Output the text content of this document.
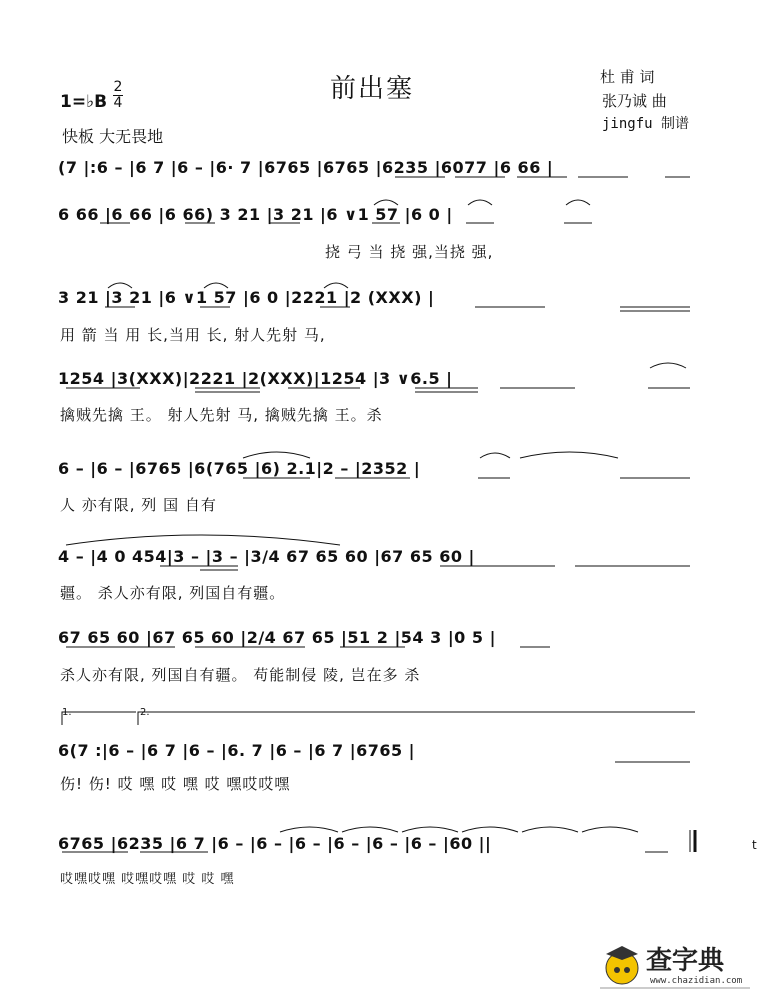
前出塞
1=♭B
2
4
快板 大无畏地
杜 甫 词
张乃诚 曲
jingfu 制谱
1.	2.
(7 |:6 – |6 7 |6 – |6· 7 |6765 |6765 |6235 |6077 |6 66 |
6 66 |6 66 |6 66) 3 21 |3 21 |6 ∨1 57 |6 0 |
挠 弓 当 挠 强,当挠 强,
3 21 |3 21 |6 ∨1 57 |6 0 |2221 |2 (XXX) |
用 箭 当 用 长,当用 长, 射人先射 马,
1254 |3(XXX)|2221 |2(XXX)|1254 |3 ∨6.5 |
擒贼先擒 王。 射人先射 马, 擒贼先擒 王。杀
6 – |6 – |6765 |6(765 |6) 2.1|2 – |2352 |
人 亦有限, 列 国 自有
4 – |4 0 454|3 – |3 – |3/4 67 65 60 |67 65 60 |
疆。 杀人亦有限, 列国自有疆。
67 65 60 |67 65 60 |2/4 67 65 |51 2 |54 3 |0 5 |
杀人亦有限, 列国自有疆。 苟能制侵 陵, 岂在多 杀
6(7 :|6 – |6 7 |6 – |6. 7 |6 – |6 7 |6765 |
伤! 伤! 哎 嘿 哎 嘿 哎 嘿哎哎嘿
6765 |6235 |6 7 |6 – |6 – |6 – |6 – |6 – |6 – |60 ||
哎嘿哎嘿 哎嘿哎嘿 哎 哎 嘿
查字典
www.chazidian.com
t
